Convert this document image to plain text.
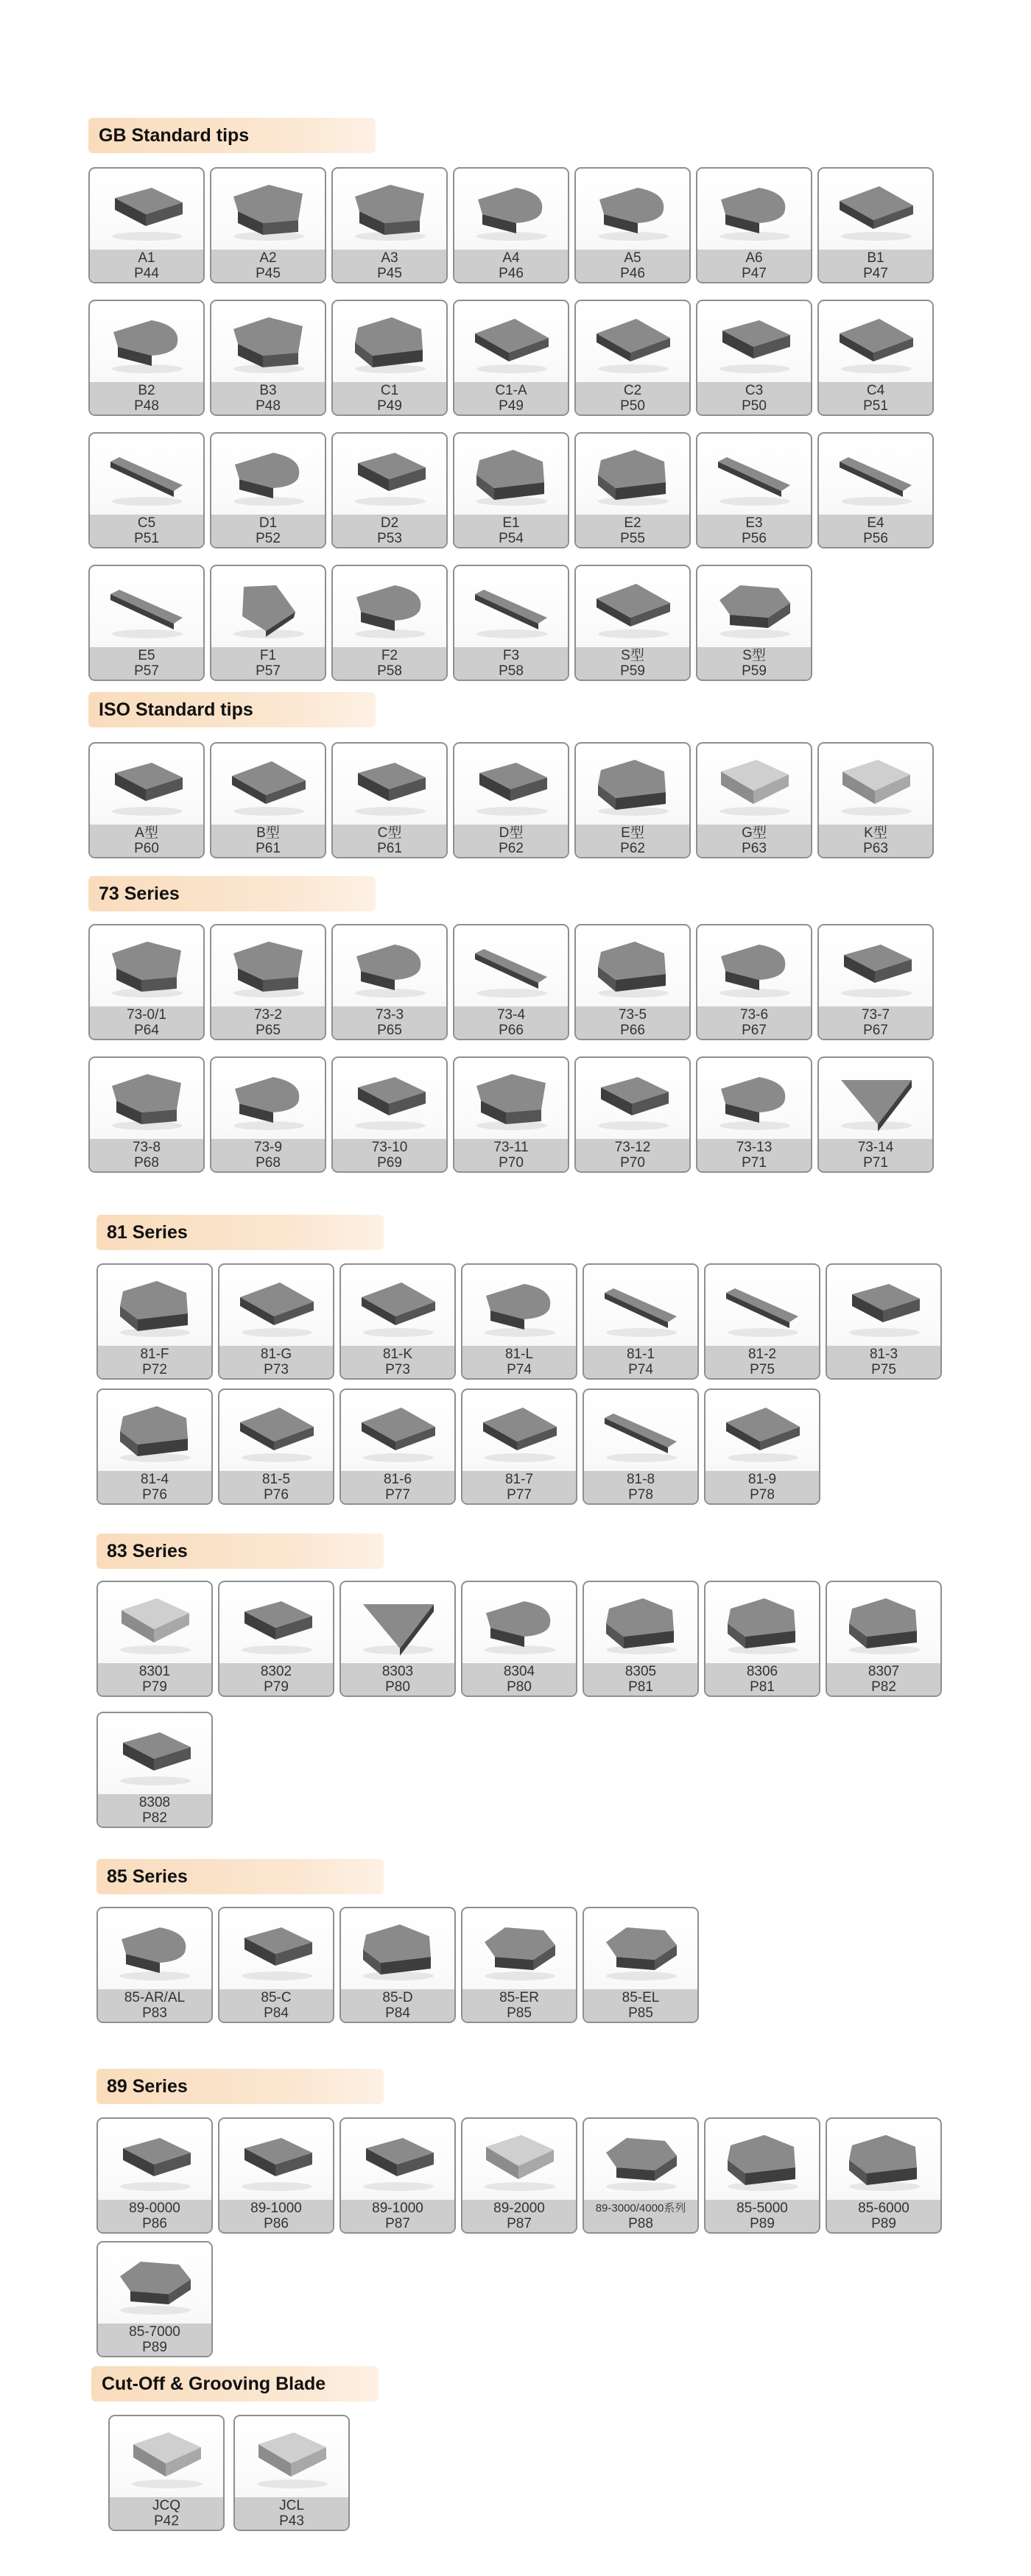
GB Standard tips
A1
P44
A2
P45
A3
P45
A4
P46
A5
P46
A6
P47
B1
P47
B2
P48
B3
P48
C1
P49
C1-A
P49
C2
P50
C3
P50
C4
P51
C5
P51
D1
P52
D2
P53
E1
P54
E2
P55
E3
P56
E4
P56
E5
P57
F1
P57
F2
P58
F3
P58
S型
P59
S型
P59
ISO Standard tips
A型
P60
B型
P61
C型
P61
D型
P62
E型
P62
G型
P63
K型
P63
73 Series
73-0/1
P64
73-2
P65
73-3
P65
73-4
P66
73-5
P66
73-6
P67
73-7
P67
73-8
P68
73-9
P68
73-10
P69
73-11
P70
73-12
P70
73-13
P71
73-14
P71
81 Series
81-F
P72
81-G
P73
81-K
P73
81-L
P74
81-1
P74
81-2
P75
81-3
P75
81-4
P76
81-5
P76
81-6
P77
81-7
P77
81-8
P78
81-9
P78
83 Series
8301
P79
8302
P79
8303
P80
8304
P80
8305
P81
8306
P81
8307
P82
8308
P82
85 Series
85-AR/AL
P83
85-C
P84
85-D
P84
85-ER
P85
85-EL
P85
89 Series
89-0000
P86
89-1000
P86
89-1000
P87
89-2000
P87
89-3000/4000系列
P88
85-5000
P89
85-6000
P89
85-7000
P89
Cut-Off & Grooving Blade
JCQ
P42
JCL
P43
